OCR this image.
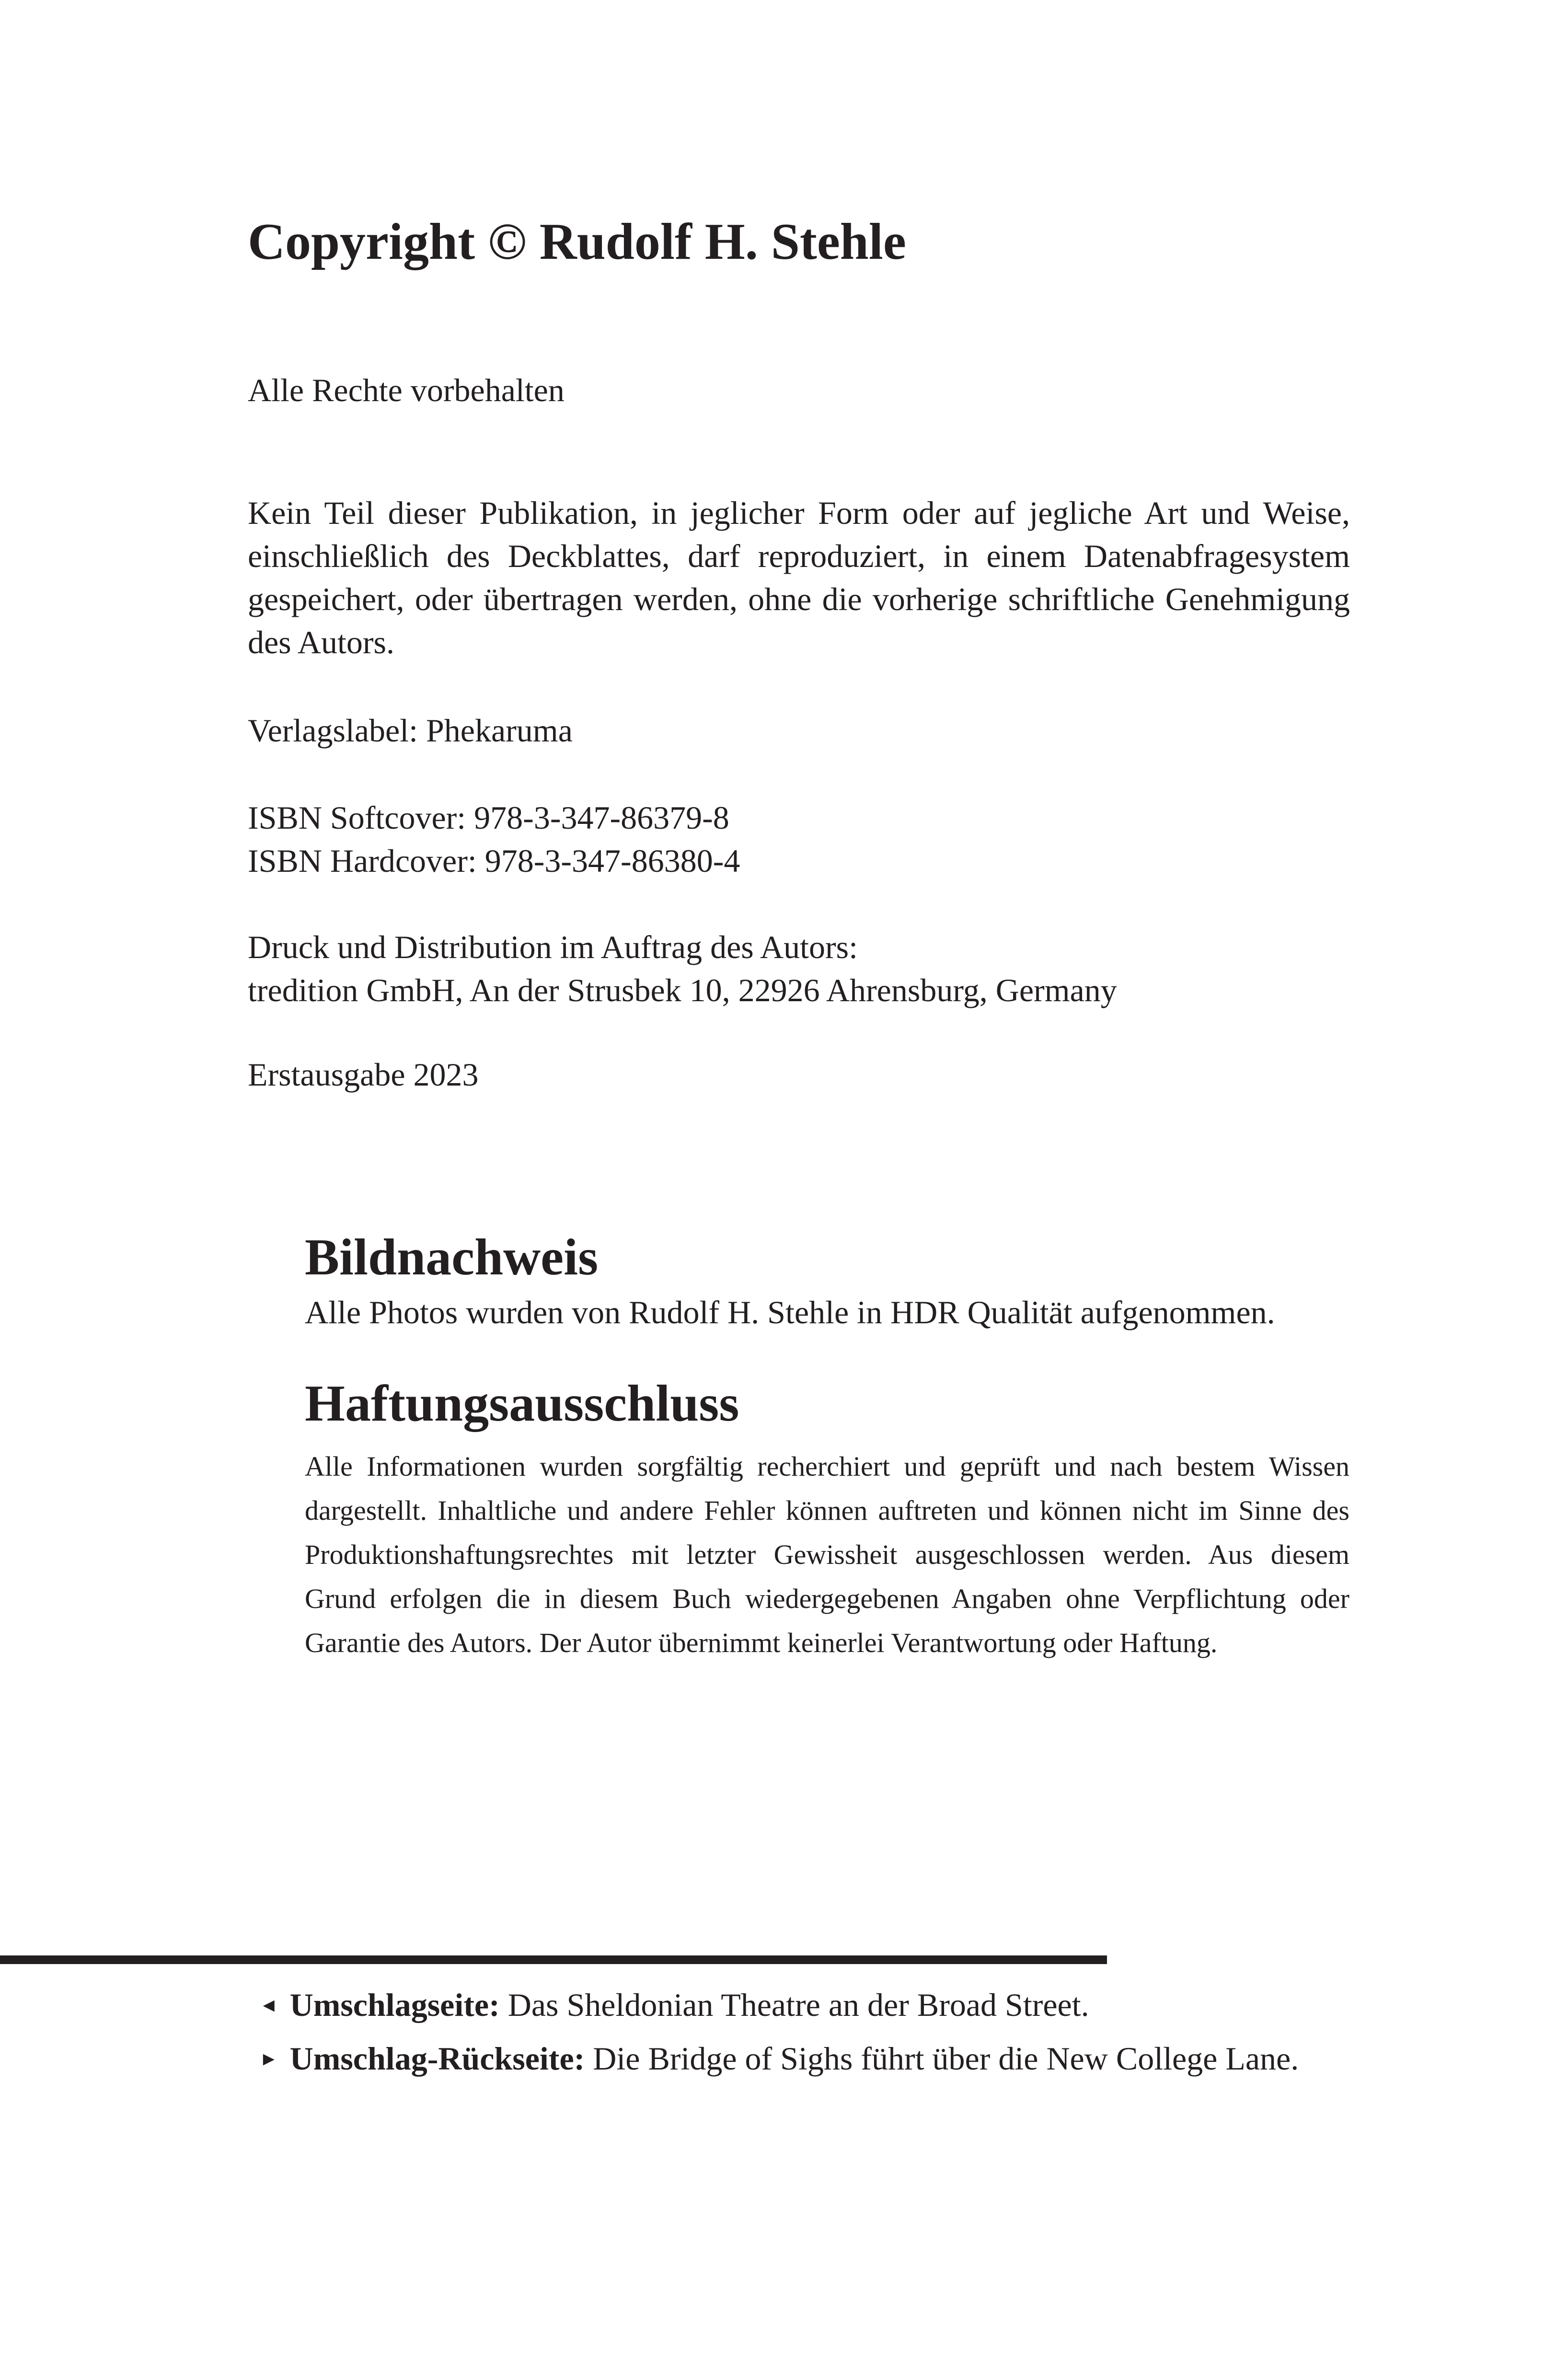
Copyright © Rudolf H. Stehle

Alle Rechte vorbehalten

Kein Teil dieser Publikation, in jeglicher Form oder auf jegliche Art und Weise, einschließlich des Deckblattes, darf reproduziert, in einem Datenabfragesystem gespeichert, oder übertragen werden, ohne die vorherige schriftliche Genehmigung des Autors.

Verlagslabel: Phekaruma

ISBN Softcover: 978-3-347-86379-8

ISBN Hardcover: 978-3-347-86380-4

Druck und Distribution im Auftrag des Autors:

tredition GmbH, An der Strusbek 10, 22926 Ahrensburg, Germany

Erstausgabe 2023

Bildnachweis

Alle Photos wurden von Rudolf H. Stehle in HDR Qualität aufgenommen.

Haftungsausschluss

Alle Informationen wurden sorgfältig recherchiert und geprüft und nach bestem Wissen dargestellt. Inhaltliche und andere Fehler können auftreten und können nicht im Sinne des Produktionshaftungsrechtes mit letzter Gewissheit ausgeschlossen werden. Aus diesem Grund erfolgen die in diesem Buch wiedergegebenen Angaben ohne Verpflichtung oder Garantie des Autors. Der Autor übernimmt keinerlei Verantwortung oder Haftung.

◄ Umschlagseite: Das Sheldonian Theatre an der Broad Street.
► Umschlag-Rückseite: Die Bridge of Sighs führt über die New College Lane.
